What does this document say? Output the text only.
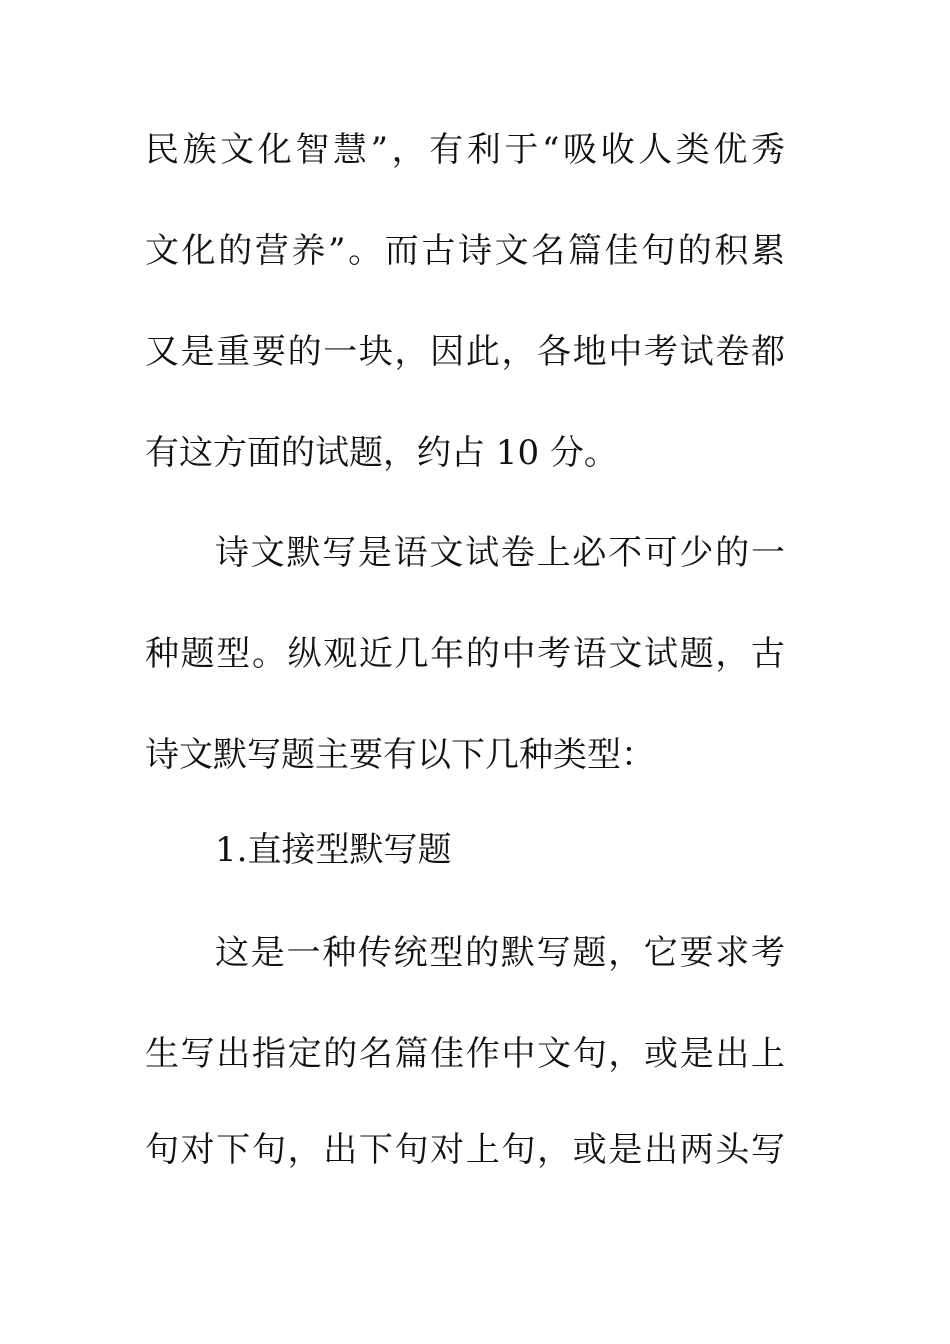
民族文化智慧”，有利于“吸收人类优秀
文化的营养”。而古诗文名篇佳句的积累
又是重要的一块，因此，各地中考试卷都
有这方面的试题，约占 10 分。
诗文默写是语文试卷上必不可少的一
种题型。纵观近几年的中考语文试题，古
诗文默写题主要有以下几种类型：
1.直接型默写题
这是一种传统型的默写题，它要求考
生写出指定的名篇佳作中文句，或是出上
句对下句，出下句对上句，或是出两头写
